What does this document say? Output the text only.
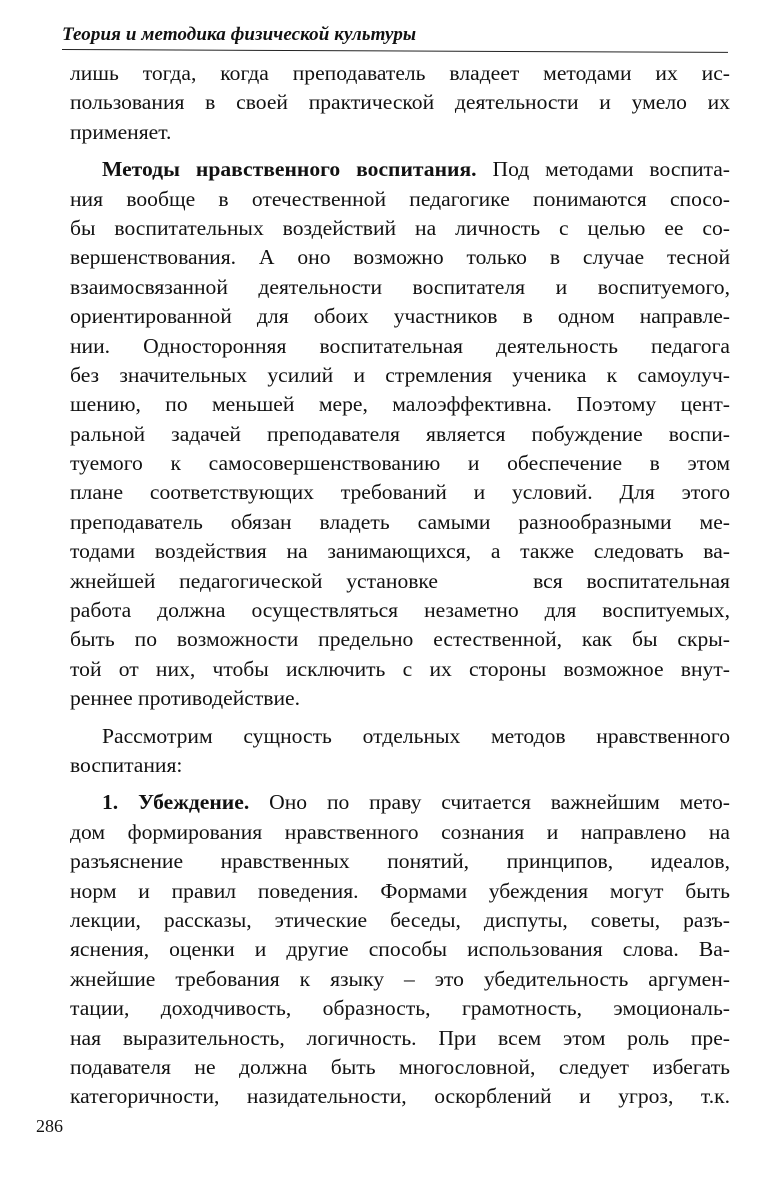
Теория и методика физической культуры
лишь тогда, когда преподаватель владеет методами их ис-
пользования в своей практической деятельности и умело их
применяет.
Методы нравственного воспитания. Под методами воспита-
ния вообще в отечественной педагогике понимаются спосо-
бы воспитательных воздействий на личность с целью ее со-
вершенствования. А оно возможно только в случае тесной
взаимосвязанной деятельности воспитателя и воспитуемого,
ориентированной для обоих участников в одном направле-
нии. Односторонняя воспитательная деятельность педагога
без значительных усилий и стремления ученика к самоулуч-
шению, по меньшей мере, малоэффективна. Поэтому цент-
ральной задачей преподавателя является побуждение воспи-
туемого к самосовершенствованию и обеспечение в этом
плане соответствующих требований и условий. Для этого
преподаватель обязан владеть самыми разнообразными ме-
тодами воздействия на занимающихся, а также следовать ва-
жнейшей педагогической установке    вся воспитательная
работа должна осуществляться незаметно для воспитуемых,
быть по возможности предельно естественной, как бы скры-
той от них, чтобы исключить с их стороны возможное внут-
реннее противодействие.
Рассмотрим сущность отдельных методов нравственного
воспитания:
1. Убеждение. Оно по праву считается важнейшим мето-
дом формирования нравственного сознания и направлено на
разъяснение нравственных понятий, принципов, идеалов,
норм и правил поведения. Формами убеждения могут быть
лекции, рассказы, этические беседы, диспуты, советы, разъ-
яснения, оценки и другие способы использования слова. Ва-
жнейшие требования к языку – это убедительность аргумен-
тации, доходчивость, образность, грамотность, эмоциональ-
ная выразительность, логичность. При всем этом роль пре-
подавателя не должна быть многословной, следует избегать
категоричности, назидательности, оскорблений и угроз, т.к.
286
